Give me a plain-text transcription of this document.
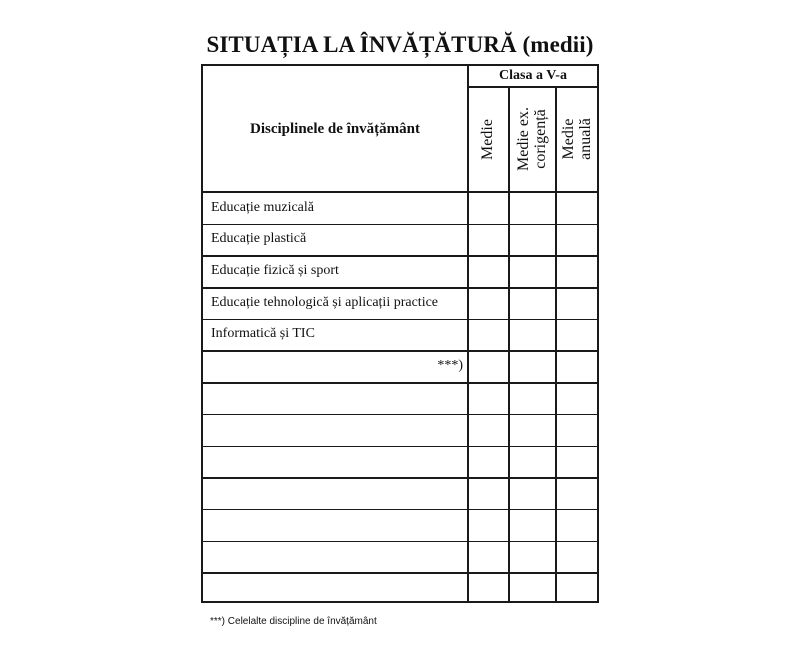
SITUAȚIA LA ÎNVĂȚĂTURĂ (medii)
Disciplinele de învățământ
Clasa a V-a
Medie Medie ex.
corigență Medie
anuală
Educație muzicală
Educație plastică
Educație fizică și sport
Educație tehnologică și aplicații practice
Informatică și TIC
***)
***) Celelalte discipline de învățământ
